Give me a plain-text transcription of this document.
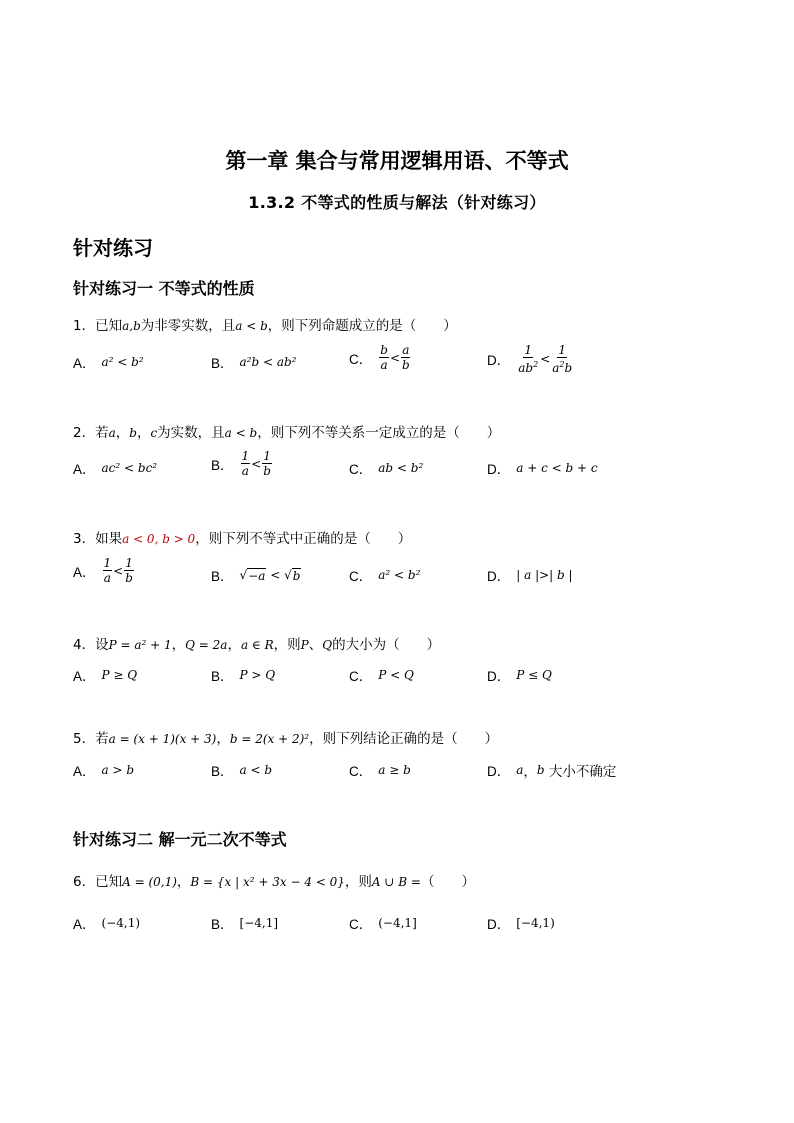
第一章 集合与常用逻辑用语、不等式
1.3.2 不等式的性质与解法（针对练习）
针对练习
针对练习一 不等式的性质
1．已知a,b为非零实数，且a < b，则下列命题成立的是（　　）
A． a² < b²	B． a²b < ab²	C． $\frac{b}{a} < \frac{a}{b}$	D． $\frac{1}{ab^2} < \frac{1}{a^2b}$
2．若a，b，c为实数，且a < b，则下列不等关系一定成立的是（　　）
A． ac² < bc²	B． $\frac{1}{a} < \frac{1}{b}$	C． ab < b²	D． a + c < b + c
3．如果a < 0, b > 0，则下列不等式中正确的是（　　）
A． $\frac{1}{a} < \frac{1}{b}$	B． √ −a < √ b	C． a² < b²	D． | a |>| b |
4．设P = a² + 1，Q = 2a，a ∈ R，则P、Q的大小为（　　）
A． P ≥ Q	B． P > Q	C． P < Q	D． P ≤ Q
5．若a = (x + 1)(x + 3)，b = 2(x + 2)²，则下列结论正确的是（　　）
A． a > b	B． a < b	C． a ≥ b	D． a ， b
大小不确定
针对练习二 解一元二次不等式
6．已知A = (0,1)，B = {x | x² + 3x − 4 < 0}，则A ∪ B =（　　）
A． (−4,1)	B． [−4,1]	C． (−4,1]	D． [−4,1)
